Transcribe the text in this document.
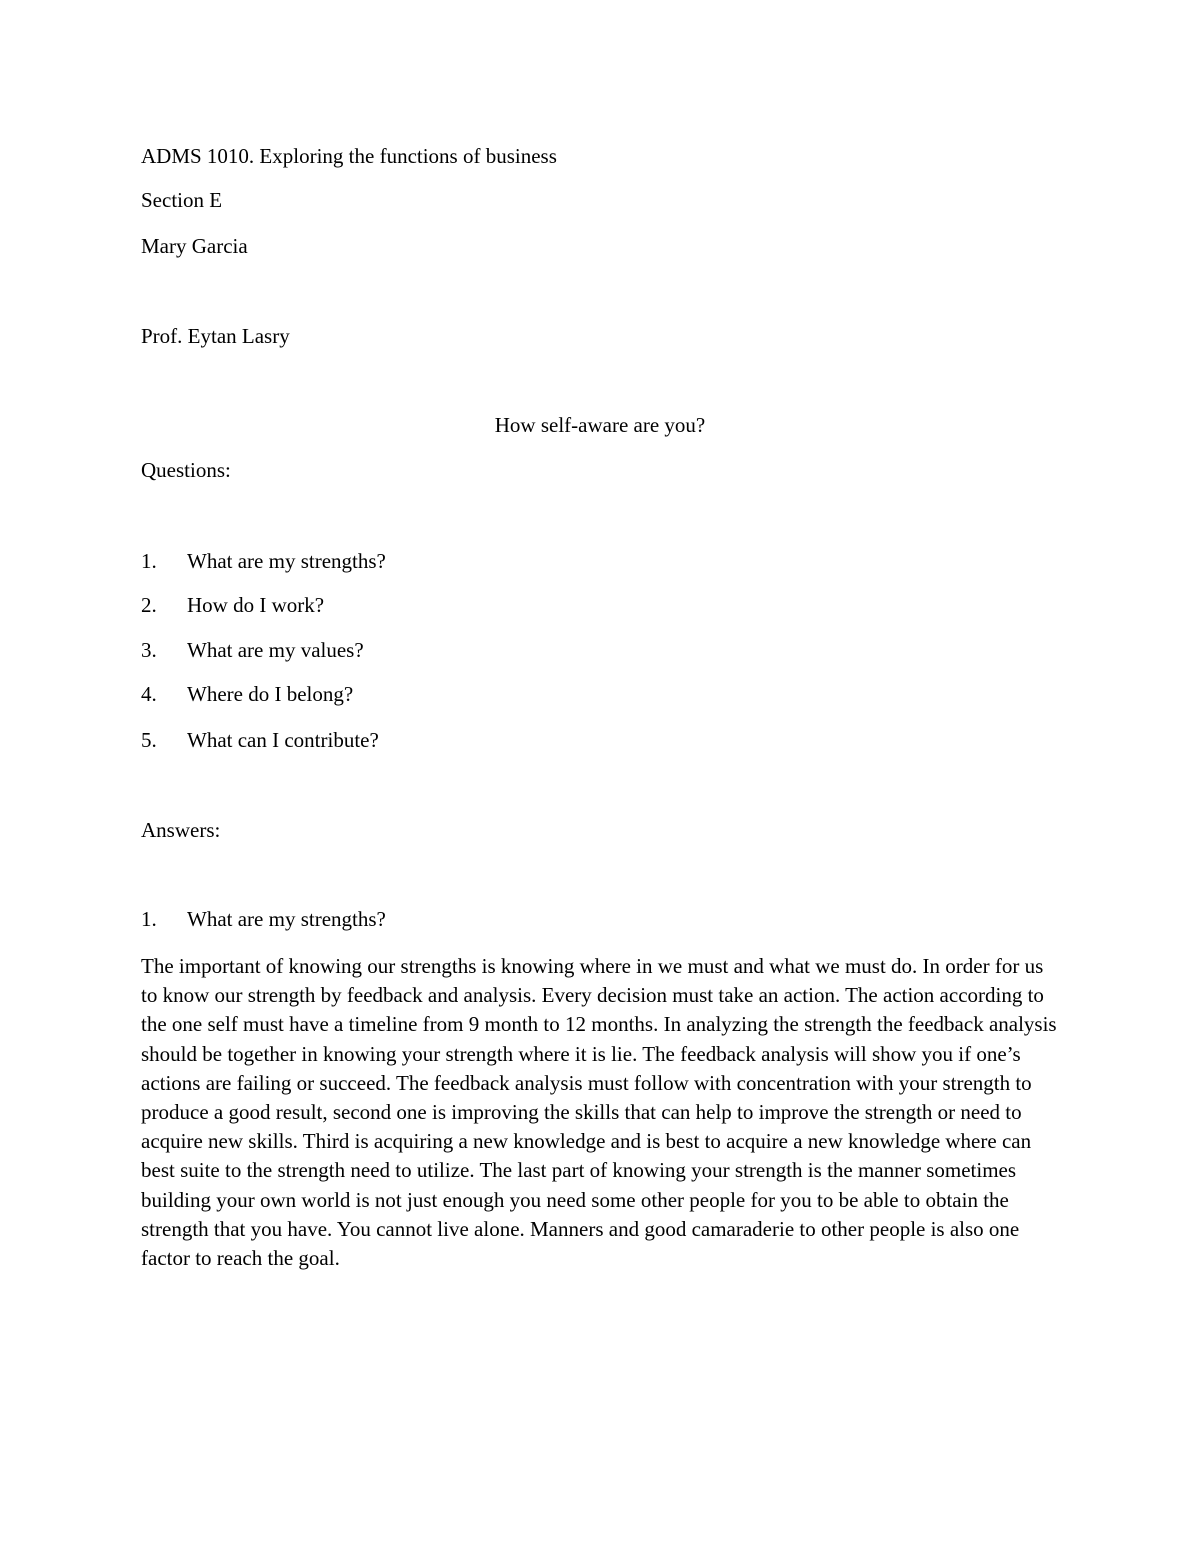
ADMS 1010. Exploring the functions of business
Section E
Mary Garcia
Prof. Eytan Lasry
How self-aware are you?
Questions:
1. What are my strengths?
2. How do I work?
3. What are my values?
4. Where do I belong?
5. What can I contribute?
Answers:
1. What are my strengths?

The important of knowing our strengths is knowing where in we must and what we must do. In order for us to know our strength by feedback and analysis. Every decision must take an action. The action according to the one self must have a timeline from 9 month to 12 months. In analyzing the strength the feedback analysis should be together in knowing your strength where it is lie. The feedback analysis will show you if one’s actions are failing or succeed. The feedback analysis must follow with concentration with your strength to produce a good result, second one is improving the skills that can help to improve the strength or need to acquire new skills. Third is acquiring a new knowledge and is best to acquire a new knowledge where can best suite to the strength need to utilize. The last part of knowing your strength is the manner sometimes building your own world is not just enough you need some other people for you to be able to obtain the strength that you have. You cannot live alone. Manners and good camaraderie to other people is also one factor to reach the goal.
